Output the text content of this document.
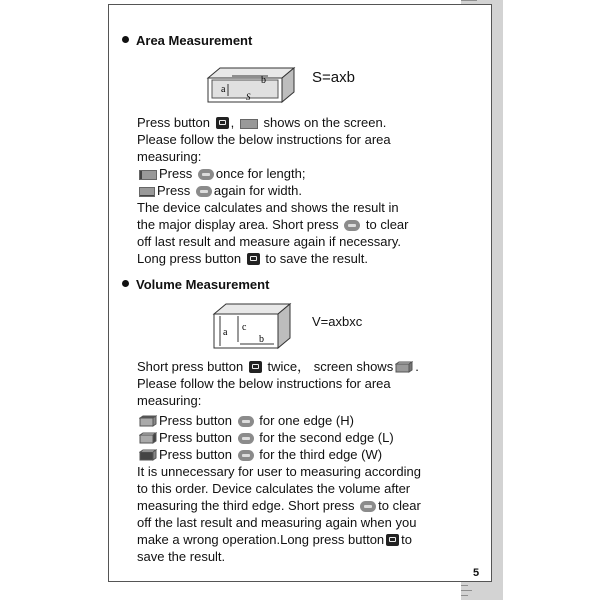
Area Measurement
b
a
S
S=axb
Press button , shows on the screen.
Please follow the below instructions for area
measuring:
Press once for length;
Press again for width.
The device calculates and shows the result in
the major display area. Short press to clear
off last result and measure again if necessary.
Long press button to save the result.
Volume Measurement
a c
b
V=axbxc
Short press button twice， screen shows .
Please follow the below instructions for area
measuring:
Press button for one edge (H)
Press button for the second edge (L)
Press button for the third edge (W)
It is unnecessary for user to measuring according
to this order. Device calculates the volume after
measuring the third edge. Short press to clear
off the last result and measuring again when you
make a wrong operation.Long press button to
save the result.
5
